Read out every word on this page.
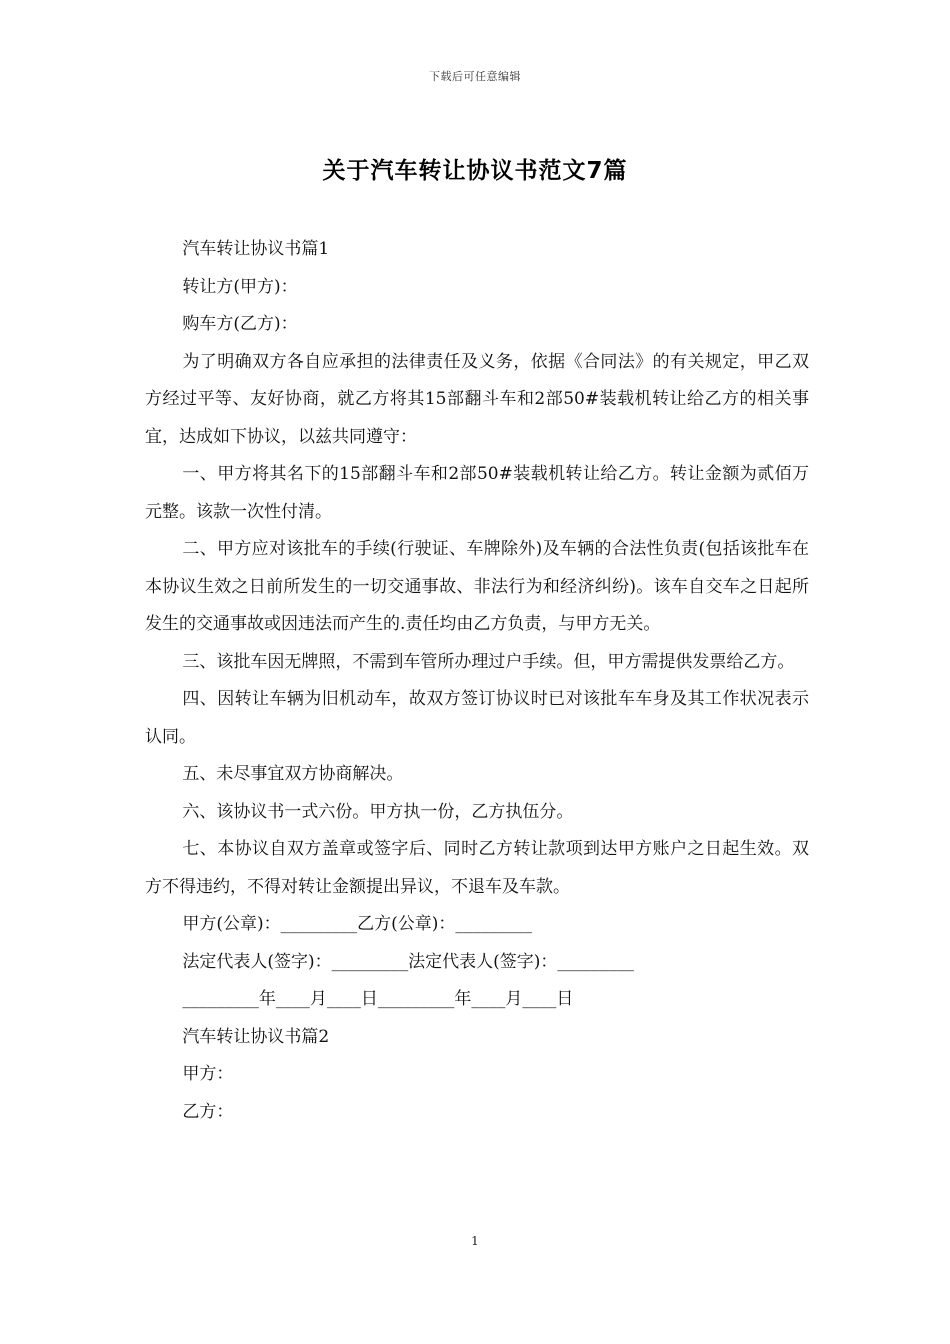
下载后可任意编辑
关于汽车转让协议书范文7篇

汽车转让协议书篇1

转让方(甲方)：

购车方(乙方)：

为了明确双方各自应承担的法律责任及义务，依据《合同法》的有关规定，甲乙双方经过平等、友好协商，就乙方将其15部翻斗车和2部50#装载机转让给乙方的相关事宜，达成如下协议，以兹共同遵守：

一、甲方将其名下的15部翻斗车和2部50#装载机转让给乙方。转让金额为贰佰万元整。该款一次性付清。

二、甲方应对该批车的手续(行驶证、车牌除外)及车辆的合法性负责(包括该批车在本协议生效之日前所发生的一切交通事故、非法行为和经济纠纷)。该车自交车之日起所发生的交通事故或因违法而产生的.责任均由乙方负责，与甲方无关。

三、该批车因无牌照，不需到车管所办理过户手续。但，甲方需提供发票给乙方。

四、因转让车辆为旧机动车，故双方签订协议时已对该批车车身及其工作状况表示认同。

五、未尽事宜双方协商解决。

六、该协议书一式六份。甲方执一份，乙方执伍分。

七、本协议自双方盖章或签字后、同时乙方转让款项到达甲方账户之日起生效。双方不得违约，不得对转让金额提出异议，不退车及车款。

甲方(公章)：_________乙方(公章)：_________

法定代表人(签字)：_________法定代表人(签字)：_________

_________年____月____日_________年____月____日

汽车转让协议书篇2

甲方：

乙方：

1
